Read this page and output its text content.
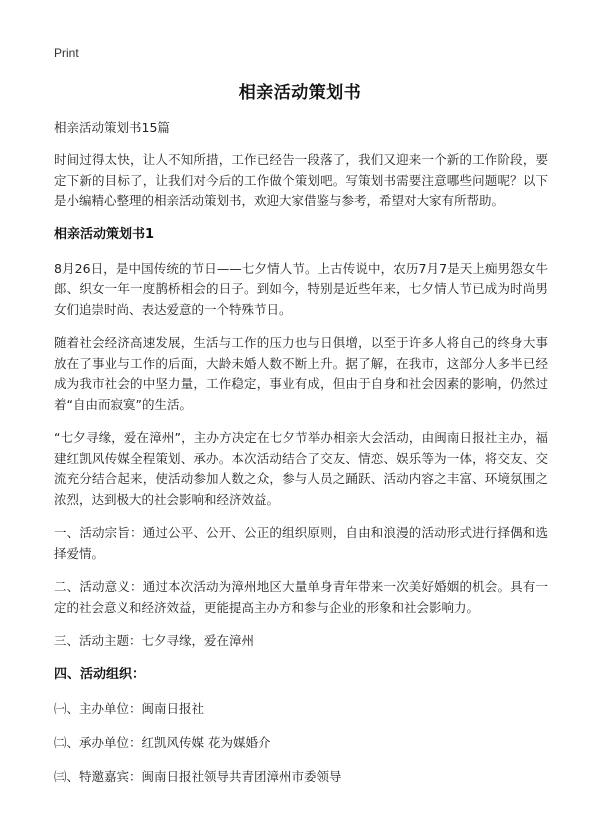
Print
相亲活动策划书

相亲活动策划书15篇

时间过得太快，让人不知所措，工作已经告一段落了，我们又迎来一个新的工作阶段，要定下新的目标了，让我们对今后的工作做个策划吧。写策划书需要注意哪些问题呢？以下是小编精心整理的相亲活动策划书，欢迎大家借鉴与参考，希望对大家有所帮助。

相亲活动策划书1

8月26日，是中国传统的节日——七夕情人节。上古传说中，农历7月7是天上痴男怨女牛郎、织女一年一度鹊桥相会的日子。到如今，特别是近些年来，七夕情人节已成为时尚男女们追崇时尚、表达爱意的一个特殊节日。

随着社会经济高速发展，生活与工作的压力也与日俱增，以至于许多人将自己的终身大事放在了事业与工作的后面，大龄未婚人数不断上升。据了解，在我市，这部分人多半已经成为我市社会的中坚力量，工作稳定，事业有成，但由于自身和社会因素的影响，仍然过着“自由而寂寞”的生活。

“七夕寻缘，爱在漳州”，主办方决定在七夕节举办相亲大会活动，由闽南日报社主办，福建红凯风传媒全程策划、承办。本次活动结合了交友、情恋、娱乐等为一体，将交友、交流充分结合起来，使活动参加人数之众，参与人员之踊跃、活动内容之丰富、环境氛围之浓烈，达到极大的社会影响和经济效益。

一、活动宗旨：通过公平、公开、公正的组织原则，自由和浪漫的活动形式进行择偶和选择爱情。

二、活动意义：通过本次活动为漳州地区大量单身青年带来一次美好婚姻的机会。具有一定的社会意义和经济效益，更能提高主办方和参与企业的形象和社会影响力。

三、活动主题：七夕寻缘，爱在漳州

四、活动组织：

㈠、主办单位：闽南日报社

㈡、承办单位：红凯风传媒 花为媒婚介

㈢、特邀嘉宾：闽南日报社领导共青团漳州市委领导
